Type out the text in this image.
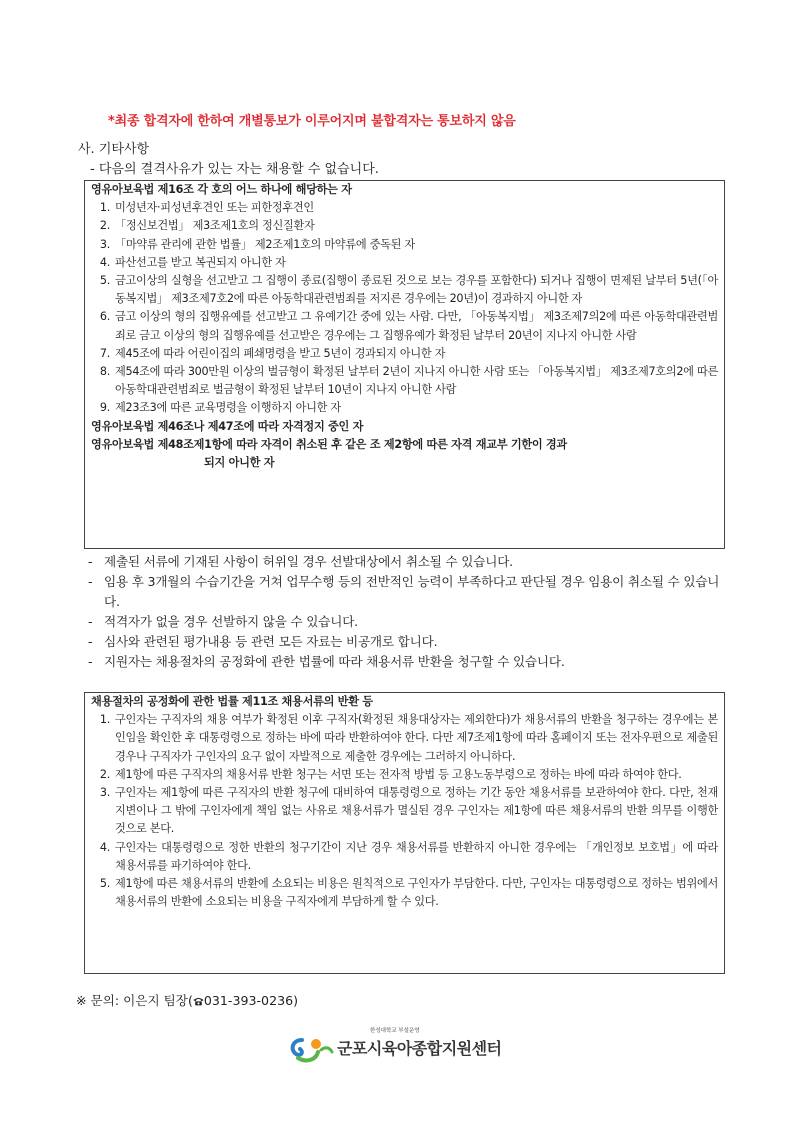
*최종 합격자에 한하여 개별통보가 이루어지며 불합격자는 통보하지 않음
사. 기타사항
- 다음의 결격사유가 있는 자는 채용할 수 없습니다.
영유아보육법 제16조 각 호의 어느 하나에 해당하는 자
1. 미성년자·피성년후견인 또는 피한정후견인
2. 「정신보건법」 제3조제1호의 정신질환자
3. 「마약류 관리에 관한 법률」 제2조제1호의 마약류에 중독된 자
4. 파산선고를 받고 복권되지 아니한 자
5. 금고이상의 실형을 선고받고 그 집행이 종료(집행이 종료된 것으로 보는 경우를 포함한다) 되거나 집행이 면제된 날부터 5년(「아동복지법」 제3조제7호2에 따른 아동학대관련범죄를 저지른 경우에는 20년)이 경과하지 아니한 자
6. 금고 이상의 형의 집행유예를 선고받고 그 유예기간 중에 있는 사람. 다만, 「아동복지법」 제3조제7의2에 따른 아동학대관련범죄로 금고 이상의 형의 집행유예를 선고받은 경우에는 그 집행유예가 확정된 날부터 20년이 지나지 아니한 사람
7. 제45조에 따라 어린이집의 폐쇄명령을 받고 5년이 경과되지 아니한 자
8. 제54조에 따라 300만원 이상의 벌금형이 확정된 날부터 2년이 지나지 아니한 사람 또는 「아동복지법」 제3조제7호의2에 따른 아동학대관련범죄로 벌금형이 확정된 날부터 10년이 지나지 아니한 사람
9. 제23조3에 따른 교육명령을 이행하지 아니한 자
영유아보육법 제46조나 제47조에 따라 자격정지 중인 자
영유아보육법 제48조제1항에 따라 자격이 취소된 후 같은 조 제2항에 따른 자격 재교부 기한이 경과
되지 아니한 자
- 제출된 서류에 기재된 사항이 허위일 경우 선발대상에서 취소될 수 있습니다.
- 임용 후 3개월의 수습기간을 거쳐 업무수행 등의 전반적인 능력이 부족하다고 판단될 경우 임용이 취소될 수 있습니다.
- 적격자가 없을 경우 선발하지 않을 수 있습니다.
- 심사와 관련된 평가내용 등 관련 모든 자료는 비공개로 합니다.
- 지원자는 채용절차의 공정화에 관한 법률에 따라 채용서류 반환을 청구할 수 있습니다.
채용절차의 공정화에 관한 법률 제11조 채용서류의 반환 등
1. 구인자는 구직자의 채용 여부가 확정된 이후 구직자(확정된 채용대상자는 제외한다)가 채용서류의 반환을 청구하는 경우에는 본인임을 확인한 후 대통령령으로 정하는 바에 따라 반환하여야 한다. 다만 제7조제1항에 따라 홈페이지 또는 전자우편으로 제출된 경우나 구직자가 구인자의 요구 없이 자발적으로 제출한 경우에는 그러하지 아니하다.
2. 제1항에 따른 구직자의 채용서류 반환 청구는 서면 또는 전자적 방법 등 고용노동부령으로 정하는 바에 따라 하여야 한다.
3. 구인자는 제1항에 따른 구직자의 반환 청구에 대비하여 대통령령으로 정하는 기간 동안 채용서류를 보관하여야 한다. 다만, 천재지변이나 그 밖에 구인자에게 책임 없는 사유로 채용서류가 멸실된 경우 구인자는 제1항에 따른 채용서류의 반환 의무를 이행한 것으로 본다.
4. 구인자는 대통령령으로 정한 반환의 청구기간이 지난 경우 채용서류를 반환하지 아니한 경우에는 「개인정보 보호법」에 따라 채용서류를 파기하여야 한다.
5. 제1항에 따른 채용서류의 반환에 소요되는 비용은 원칙적으로 구인자가 부담한다. 다만, 구인자는 대통령령으로 정하는 범위에서 채용서류의 반환에 소요되는 비용을 구직자에게 부담하게 할 수 있다.
※ 문의: 이은지 팀장( 031-393-0236)
한성대학교 부설운영
군포시육아종합지원센터
